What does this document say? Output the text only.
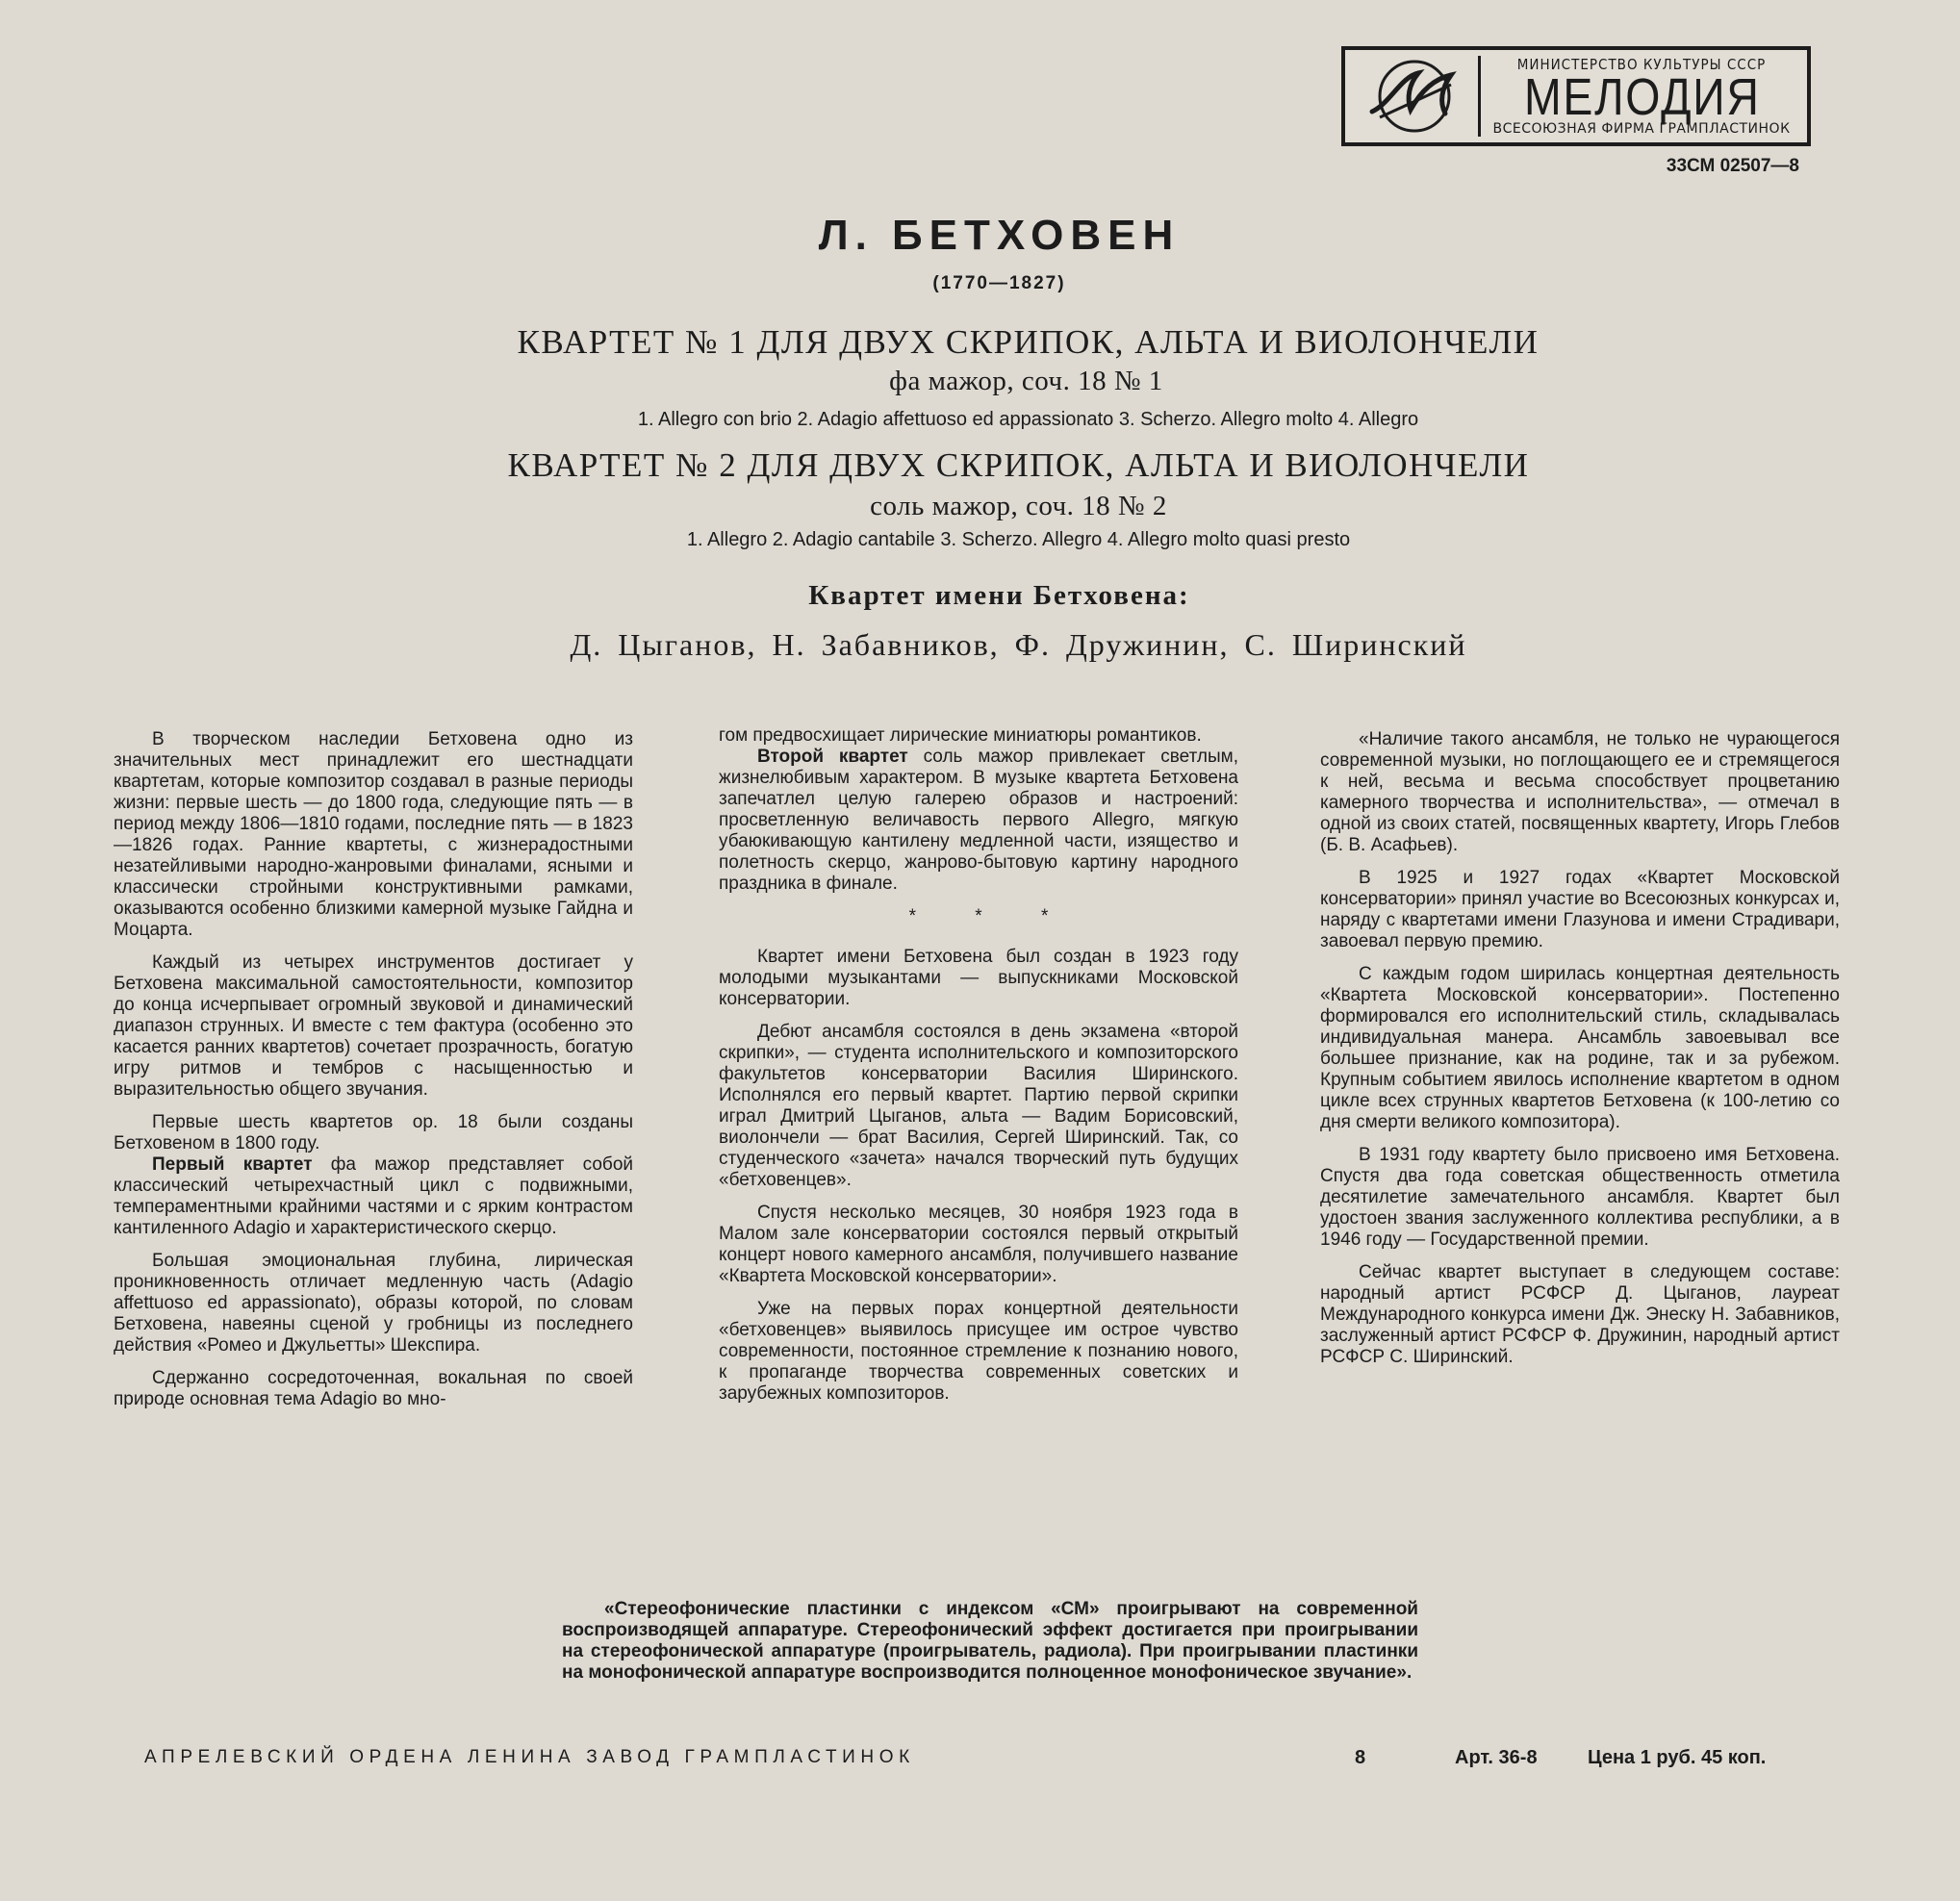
МИНИСТЕРСТВО КУЛЬТУРЫ СССР
МЕЛОДИЯ
ВСЕСОЮЗНАЯ ФИРМА ГРАМПЛАСТИНОК
33СМ 02507—8
Л. БЕТХОВЕН
(1770—1827)
КВАРТЕТ № 1 ДЛЯ ДВУХ СКРИПОК, АЛЬТА И ВИОЛОНЧЕЛИ
фа мажор, соч. 18 № 1
1. Allegro con brio 2. Adagio affettuoso ed appassionato 3. Scherzo. Allegro molto 4. Allegro
КВАРТЕТ № 2 ДЛЯ ДВУХ СКРИПОК, АЛЬТА И ВИОЛОНЧЕЛИ
соль мажор, соч. 18 № 2
1. Allegro 2. Adagio cantabile 3. Scherzo. Allegro 4. Allegro molto quasi presto
Квартет имени Бетховена:
Д. Цыганов, Н. Забавников, Ф. Дружинин, С. Ширинский

В творческом наследии Бетховена одно из значительных мест принадлежит его шестнадцати квартетам, которые композитор создавал в разные периоды жизни: первые шесть — до 1800 года, следующие пять — в период между 1806—1810 годами, последние пять — в 1823—1826 годах. Ранние квартеты, с жизнерадостными незатейливыми народно-жанровыми финалами, ясными и классически стройными конструктивными рамками, оказываются особенно близкими камерной музыке Гайдна и Моцарта.

Каждый из четырех инструментов достигает у Бетховена максимальной самостоятельности, композитор до конца исчерпывает огромный звуковой и динамический диапазон струнных. И вместе с тем фактура (особенно это касается ранних квартетов) сочетает прозрачность, богатую игру ритмов и тембров с насыщенностью и выразительностью общего звучания.

Первые шесть квартетов ор. 18 были созданы Бетховеном в 1800 году.

Первый квартет фа мажор представляет собой классический четырехчастный цикл с подвижными, темпераментными крайними частями и с ярким контрастом кантиленного Adagio и характеристического скерцо.

Большая эмоциональная глубина, лирическая проникновенность отличает медленную часть (Adagio affettuoso ed appassionato), образы которой, по словам Бетховена, навеяны сценой у гробницы из последнего действия «Ромео и Джульетты» Шекспира.

Сдержанно сосредоточенная, вокальная по своей природе основная тема Adagio во мно-

гом предвосхищает лирические миниатюры романтиков.

Второй квартет соль мажор привлекает светлым, жизнелюбивым характером. В музыке квартета Бетховена запечатлел целую галерею образов и настроений: просветленную величавость первого Allegro, мягкую убаюкивающую кантилену медленной части, изящество и полетность скерцо, жанрово-бытовую картину народного праздника в финале.

* * *

Квартет имени Бетховена был создан в 1923 году молодыми музыкантами — выпускниками Московской консерватории.

Дебют ансамбля состоялся в день экзамена «второй скрипки», — студента исполнительского и композиторского факультетов консерватории Василия Ширинского. Исполнялся его первый квартет. Партию первой скрипки играл Дмитрий Цыганов, альта — Вадим Борисовский, виолончели — брат Василия, Сергей Ширинский. Так, со студенческого «зачета» начался творческий путь будущих «бетховенцев».

Спустя несколько месяцев, 30 ноября 1923 года в Малом зале консерватории состоялся первый открытый концерт нового камерного ансамбля, получившего название «Квартета Московской консерватории».

Уже на первых порах концертной деятельности «бетховенцев» выявилось присущее им острое чувство современности, постоянное стремление к познанию нового, к пропаганде творчества современных советских и зарубежных композиторов.

«Наличие такого ансамбля, не только не чурающегося современной музыки, но поглощающего ее и стремящегося к ней, весьма и весьма способствует процветанию камерного творчества и исполнительства», — отмечал в одной из своих статей, посвященных квартету, Игорь Глебов (Б. В. Асафьев).

В 1925 и 1927 годах «Квартет Московской консерватории» принял участие во Всесоюзных конкурсах и, наряду с квартетами имени Глазунова и имени Страдивари, завоевал первую премию.

С каждым годом ширилась концертная деятельность «Квартета Московской консерватории». Постепенно формировался его исполнительский стиль, складывалась индивидуальная манера. Ансамбль завоевывал все большее признание, как на родине, так и за рубежом. Крупным событием явилось исполнение квартетом в одном цикле всех струнных квартетов Бетховена (к 100-летию со дня смерти великого композитора).

В 1931 году квартету было присвоено имя Бетховена. Спустя два года советская общественность отметила десятилетие замечательного ансамбля. Квартет был удостоен звания заслуженного коллектива республики, а в 1946 году — Государственной премии.

Сейчас квартет выступает в следующем составе: народный артист РСФСР Д. Цыганов, лауреат Международного конкурса имени Дж. Энеску Н. Забавников, заслуженный артист РСФСР Ф. Дружинин, народный артист РСФСР С. Ширинский.

«Стереофонические пластинки с индексом «СМ» проигрывают на современной воспроизводящей аппаратуре. Стереофонический эффект достигается при проигрывании на стереофонической аппаратуре (проигрыватель, радиола). При проигрывании пластинки на монофонической аппаратуре воспроизводится полноценное монофоническое звучание».
АПРЕЛЕВСКИЙ ОРДЕНА ЛЕНИНА ЗАВОД ГРАМПЛАСТИНОК	8	Арт. 36-8	Цена 1 руб. 45 коп.
